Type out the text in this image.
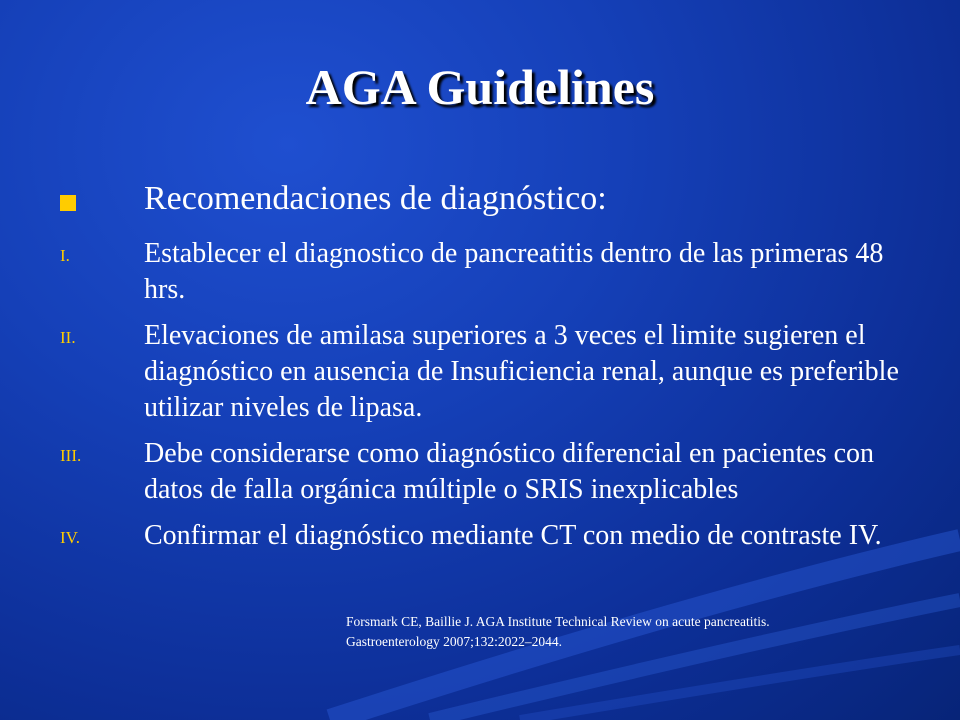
AGA Guidelines
Recomendaciones de diagnóstico:
I.	Establecer el diagnostico de pancreatitis dentro de las primeras 48 hrs.
II. Elevaciones de amilasa superiores a 3 veces el limite sugieren el diagnóstico en ausencia de Insuficiencia renal, aunque es preferible utilizar niveles de lipasa.
III. Debe considerarse como diagnóstico diferencial en pacientes con datos de falla orgánica múltiple o SRIS inexplicables
IV. Confirmar el diagnóstico mediante CT con medio de contraste IV.
Forsmark CE, Baillie J. AGA Institute Technical Review on acute pancreatitis. Gastroenterology 2007;132:2022–2044.
